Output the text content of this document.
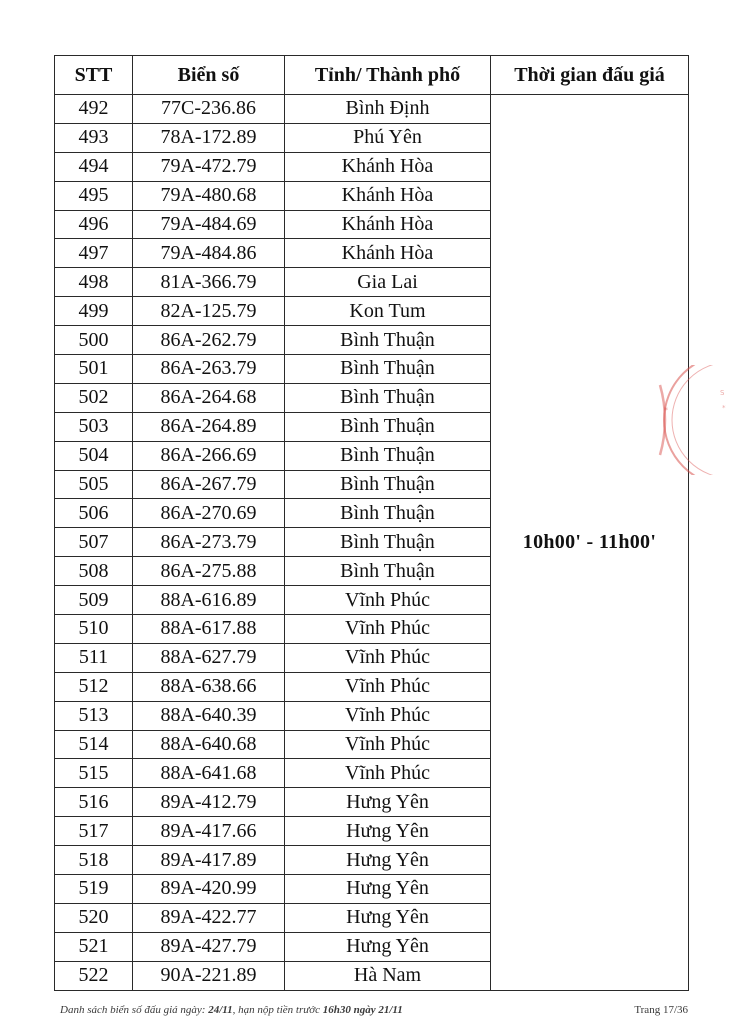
STT	Biển số	Tỉnh/ Thành phố	Thời gian đấu giá
492	77C-236.86	Bình Định	10h00' - 11h00'
493	78A-172.89	Phú Yên	
494	79A-472.79	Khánh Hòa	
495	79A-480.68	Khánh Hòa	
496	79A-484.69	Khánh Hòa	
497	79A-484.86	Khánh Hòa	
498	81A-366.79	Gia Lai	
499	82A-125.79	Kon Tum	
500	86A-262.79	Bình Thuận	
501	86A-263.79	Bình Thuận	
502	86A-264.68	Bình Thuận	
503	86A-264.89	Bình Thuận	
504	86A-266.69	Bình Thuận	
505	86A-267.79	Bình Thuận	
506	86A-270.69	Bình Thuận	
507	86A-273.79	Bình Thuận	
508	86A-275.88	Bình Thuận	
509	88A-616.89	Vĩnh Phúc	
510	88A-617.88	Vĩnh Phúc	
511	88A-627.79	Vĩnh Phúc	
512	88A-638.66	Vĩnh Phúc	
513	88A-640.39	Vĩnh Phúc	
514	88A-640.68	Vĩnh Phúc	
515	88A-641.68	Vĩnh Phúc	
516	89A-412.79	Hưng Yên	
517	89A-417.66	Hưng Yên	
518	89A-417.89	Hưng Yên	
519	89A-420.99	Hưng Yên	
520	89A-422.77	Hưng Yên	
521	89A-427.79	Hưng Yên	
522	90A-221.89	Hà Nam	
*
S
*
Danh sách biển số đấu giá ngày: 24/11, hạn nộp tiền trước 16h30 ngày 21/11	Trang 17/36
